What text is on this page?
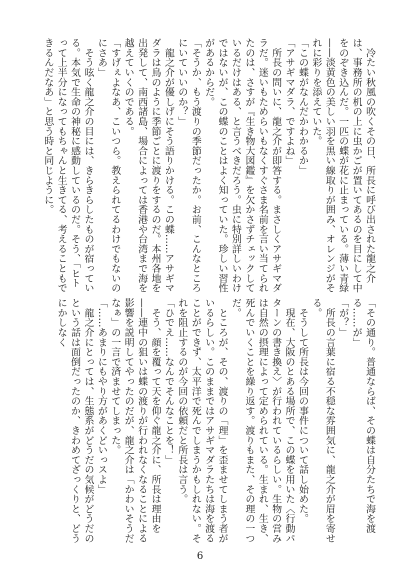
　冷たい秋風の吹くその日、所長に呼び出された龍之介は、事務所の机の上に虫かごが置いてあるのを目にして中をのぞき込んだ。一匹の蝶が花に止まっている。薄い青緑——淡黄色の美しい羽を黒い線取りが囲み、オレンジがそれに彩りを添えていた。

「この蝶がなんだかわかるか」

「アサギマダラ、ですよね」

　所長の問いに、龍之介が即答する。まさしくアサギマダラだ。迷いもためらいもなくすぐさま名前を言い当てられたのは、さすが『生き物大図鑑』を欠かさずチェックしているだけはある、と言うべきだろう。虫に特別詳しいわけではないが、この蝶のことはよく知っていた。珍しい習性があるからだ。

「そうか、もう渡りの季節だったか。お前、こんなところにいていいのか？」

　龍之介が優しげにそう語りかける。この蝶……アサギマダラは鳥のように季節ごとに渡りをするのだ。本州各地を出発して、南西諸島、場合によっては香港や台湾まで海を越えていくのである。

「すげぇよなあ、こいつら。教えられてるわけでもないのにさあ」

　そう呟く龍之介の目には、きらきらしたものが宿っている。本気で生命の神秘に感動しているのだ。そう、「ヒトって上半分になってもちゃんと生きてる、考えることもできるんだなあ」と思う時と同じように。

「その通り。普通ならば、その蝶は自分たちで海を渡る……が」

「が？」

　所長の言葉に宿る不穏な雰囲気に、龍之介が眉を寄せる。

　そうして所長は今回の事件について話し始めた。

　現在、大阪のとある場所で、この蝶を用いた〈行動パターンの書き換え〉が行われているらしい。生物の営みは自然の摂理によって定められている。生まれ、生き、死んでいくことを繰り返す。渡りもまた、その理の一つだ。

　ところが、その、渡りの「理」を歪ませてしまう者がいるらしい。このままではアサギマダラたちは海を渡ることができず、太平洋で死んでしまうかもしれない。それを阻止するのが今回の依頼だと所長は言う。

「ひでえ……なんでそんなことを！」

　そう、顔を覆って天を仰ぐ龍之介に、所長は理由を——連中の狙いは蝶の渡りが行われなくなることによる影響を説明してやったのだが、龍之介は「かわいそうだなぁ」の一言で済ませてしまった。

「……あまりにもやり方があくどいっスよ」

　龍之介にとっては、生態系がどうだの気候がどうだのという話は面倒だったのか、きわめてざっくりと、どうにかしなく

6
